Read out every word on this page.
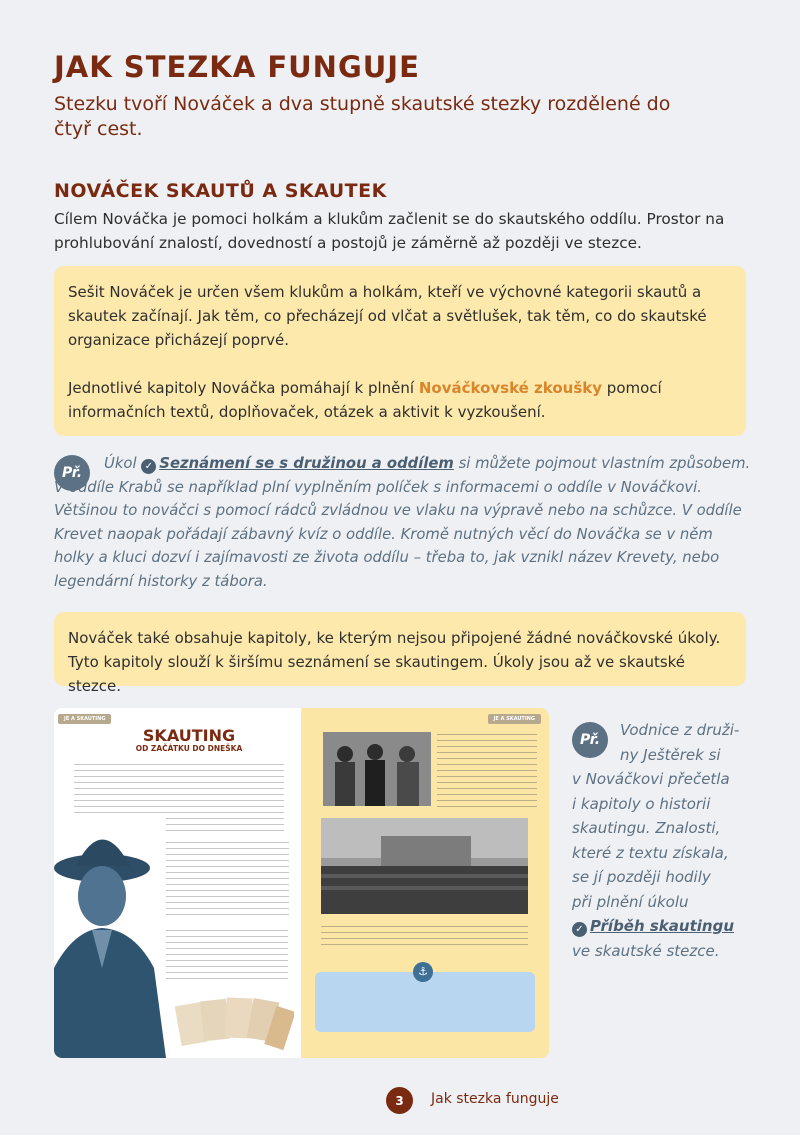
JAK STEZKA FUNGUJE
Stezku tvoří Nováček a dva stupně skautské stezky rozdělené do čtyř cest.
NOVÁČEK SKAUTŮ A SKAUTEK
Cílem Nováčka je pomoci holkám a klukům začlenit se do skautského oddílu. Prostor na prohlubování znalostí, dovedností a postojů je záměrně až později ve stezce.

Sešit Nováček je určen všem klukům a holkám, kteří ve výchovné kategorii skautů a skautek začínají. Jak těm, co přecházejí od vlčat a světlušek, tak těm, co do skautské organizace přicházejí poprvé.

Jednotlivé kapitoly Nováčka pomáhají k plnění Nováčkovské zkoušky pomocí informačních textů, doplňovaček, otázek a aktivit k vyzkoušení.

Př.
Úkol ✓ Seznámení se s družinou a oddílem si můžete pojmout vlastním způsobem. V oddíle Krabů se například plní vyplněním políček s informacemi o oddíle v Nováčkovi. Většinou to nováčci s pomocí rádců zvládnou ve vlaku na výpravě nebo na schůzce. V oddíle Krevet naopak pořádají zábavný kvíz o oddíle. Kromě nutných věcí do Nováčka se v něm holky a kluci dozví i zajímavosti ze života oddílu – třeba to, jak vznikl název Krevety, nebo legendární historky z tábora.

Nováček také obsahuje kapitoly, ke kterým nejsou připojené žádné nováčkovské úkoly. Tyto kapitoly slouží k širšímu seznámení se skautingem. Úkoly jsou až ve skautské stezce.

JE A SKAUTING
SKAUTING
OD ZAČÁTKU DO DNEŠKA
JE A SKAUTING
⚓
Př.
Vodnice z druži-
ny Ještěrek si
v Nováčkovi přečetla
i kapitoly o historii
skautingu. Znalosti,
které z textu získala,
se jí později hodily
při plnění úkolu
✓ Příběh skautingu
ve skautské stezce.
3	Jak stezka funguje
